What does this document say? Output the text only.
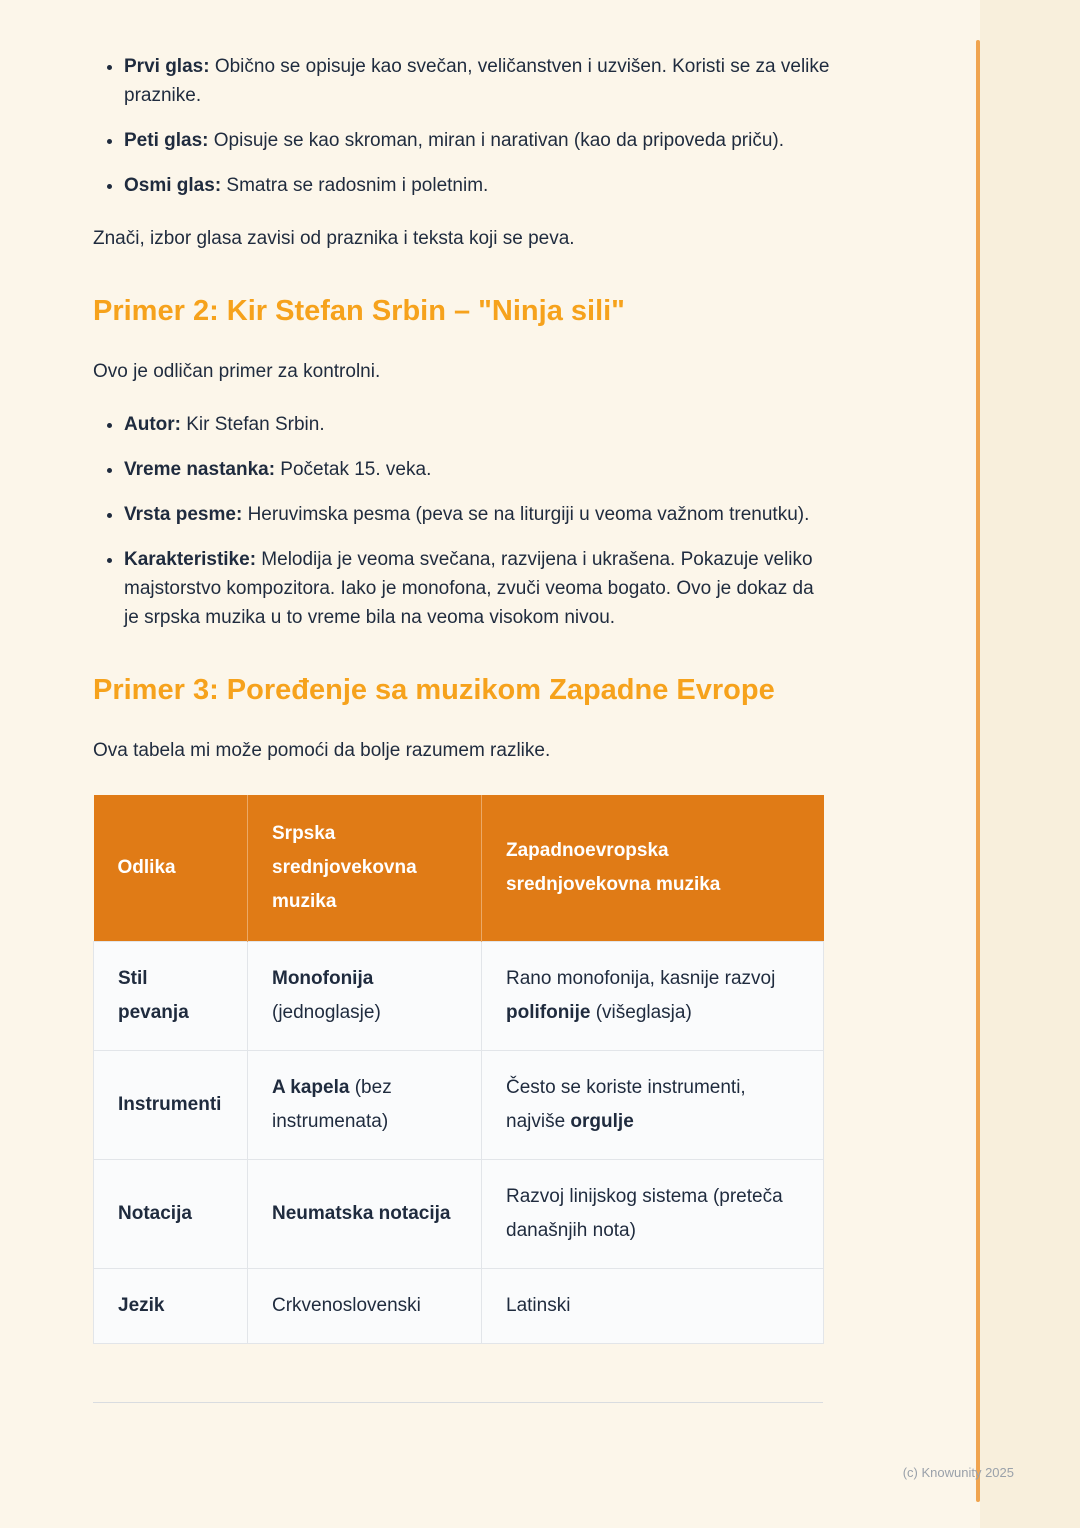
• Prvi glas: Obično se opisuje kao svečan, veličanstven i uzvišen. Koristi se za velike praznike.
• Peti glas: Opisuje se kao skroman, miran i narativan (kao da pripoveda priču).
• Osmi glas: Smatra se radosnim i poletnim.

Znači, izbor glasa zavisi od praznika i teksta koji se peva.

Primer 2: Kir Stefan Srbin – "Ninja sili"

Ovo je odličan primer za kontrolni.

• Autor: Kir Stefan Srbin.
• Vreme nastanka: Početak 15. veka.
• Vrsta pesme: Heruvimska pesma (peva se na liturgiji u veoma važnom trenutku).
• Karakteristike: Melodija je veoma svečana, razvijena i ukrašena. Pokazuje veliko majstorstvo kompozitora. Iako je monofona, zvuči veoma bogato. Ovo je dokaz da je srpska muzika u to vreme bila na veoma visokom nivou.
Primer 3: Poređenje sa muzikom Zapadne Evrope

Ova tabela mi može pomoći da bolje razumem razlike.

Odlika	Srpska srednjovekovna muzika	Zapadnoevropska srednjovekovna muzika
Stil pevanja	Monofonija (jednoglasje)	Rano monofonija, kasnije razvoj polifonije (višeglasja)
Instrumenti	A kapela (bez instrumenata)	Često se koriste instrumenti, najviše orgulje
Notacija	Neumatska notacija	Razvoj linijskog sistema (preteča današnjih nota)
Jezik	Crkvenoslovenski	Latinski
(c) Knowunity 2025
